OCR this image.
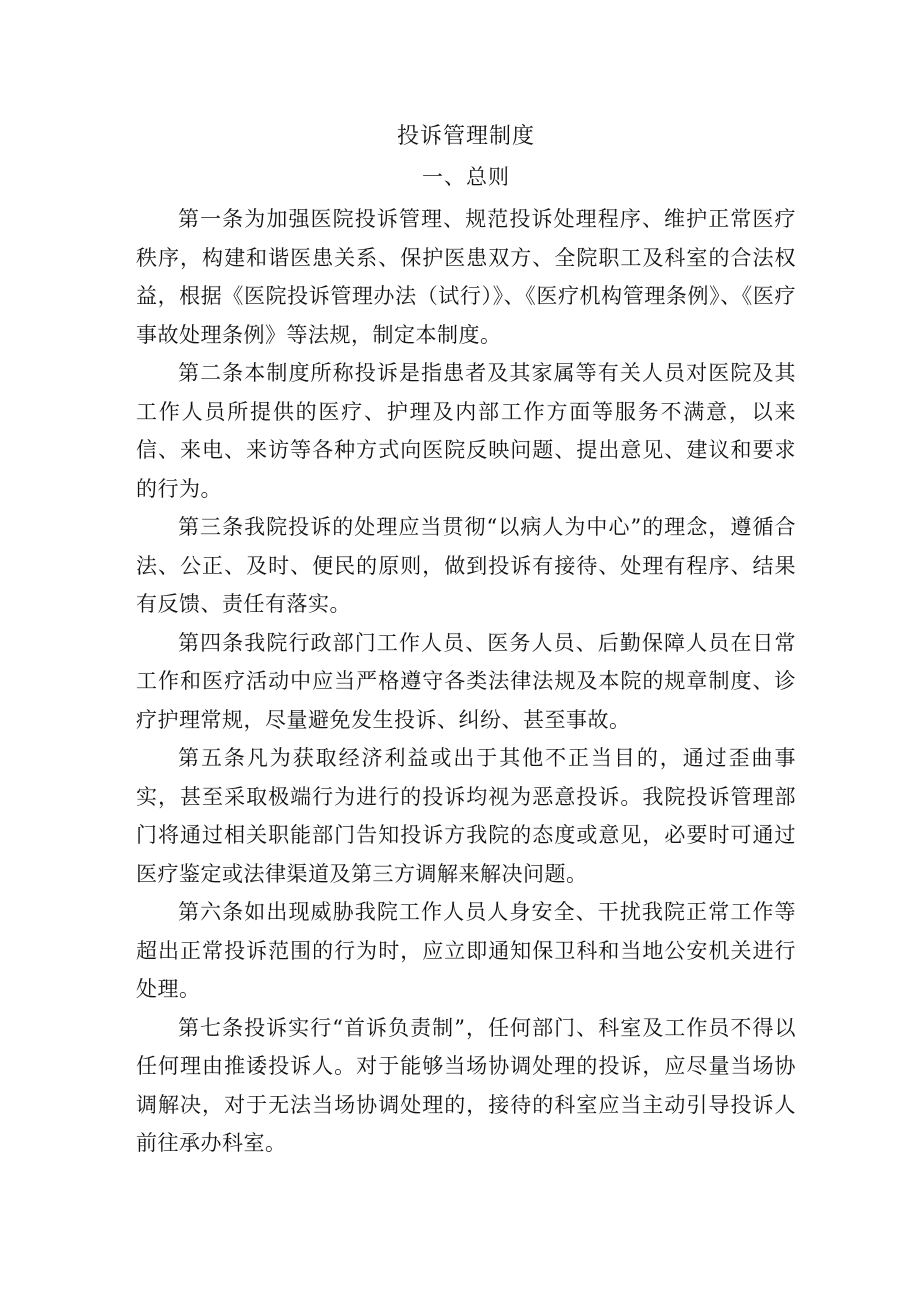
投诉管理制度
一、总则

第一条为加强医院投诉管理、规范投诉处理程序、维护正常医疗秩序，构建和谐医患关系、保护医患双方、全院职工及科室的合法权益，根据《医院投诉管理办法（试行）》、《医疗机构管理条例》、《医疗事故处理条例》等法规，制定本制度。

第二条本制度所称投诉是指患者及其家属等有关人员对医院及其工作人员所提供的医疗、护理及内部工作方面等服务不满意，以来信、来电、来访等各种方式向医院反映问题、提出意见、建议和要求的行为。

第三条我院投诉的处理应当贯彻“以病人为中心”的理念，遵循合法、公正、及时、便民的原则，做到投诉有接待、处理有程序、结果有反馈、责任有落实。

第四条我院行政部门工作人员、医务人员、后勤保障人员在日常工作和医疗活动中应当严格遵守各类法律法规及本院的规章制度、诊疗护理常规，尽量避免发生投诉、纠纷、甚至事故。

第五条凡为获取经济利益或出于其他不正当目的，通过歪曲事实，甚至采取极端行为进行的投诉均视为恶意投诉。我院投诉管理部门将通过相关职能部门告知投诉方我院的态度或意见，必要时可通过医疗鉴定或法律渠道及第三方调解来解决问题。

第六条如出现威胁我院工作人员人身安全、干扰我院正常工作等超出正常投诉范围的行为时，应立即通知保卫科和当地公安机关进行处理。

第七条投诉实行“首诉负责制”，任何部门、科室及工作员不得以任何理由推诿投诉人。对于能够当场协调处理的投诉，应尽量当场协调解决，对于无法当场协调处理的，接待的科室应当主动引导投诉人前往承办科室。
